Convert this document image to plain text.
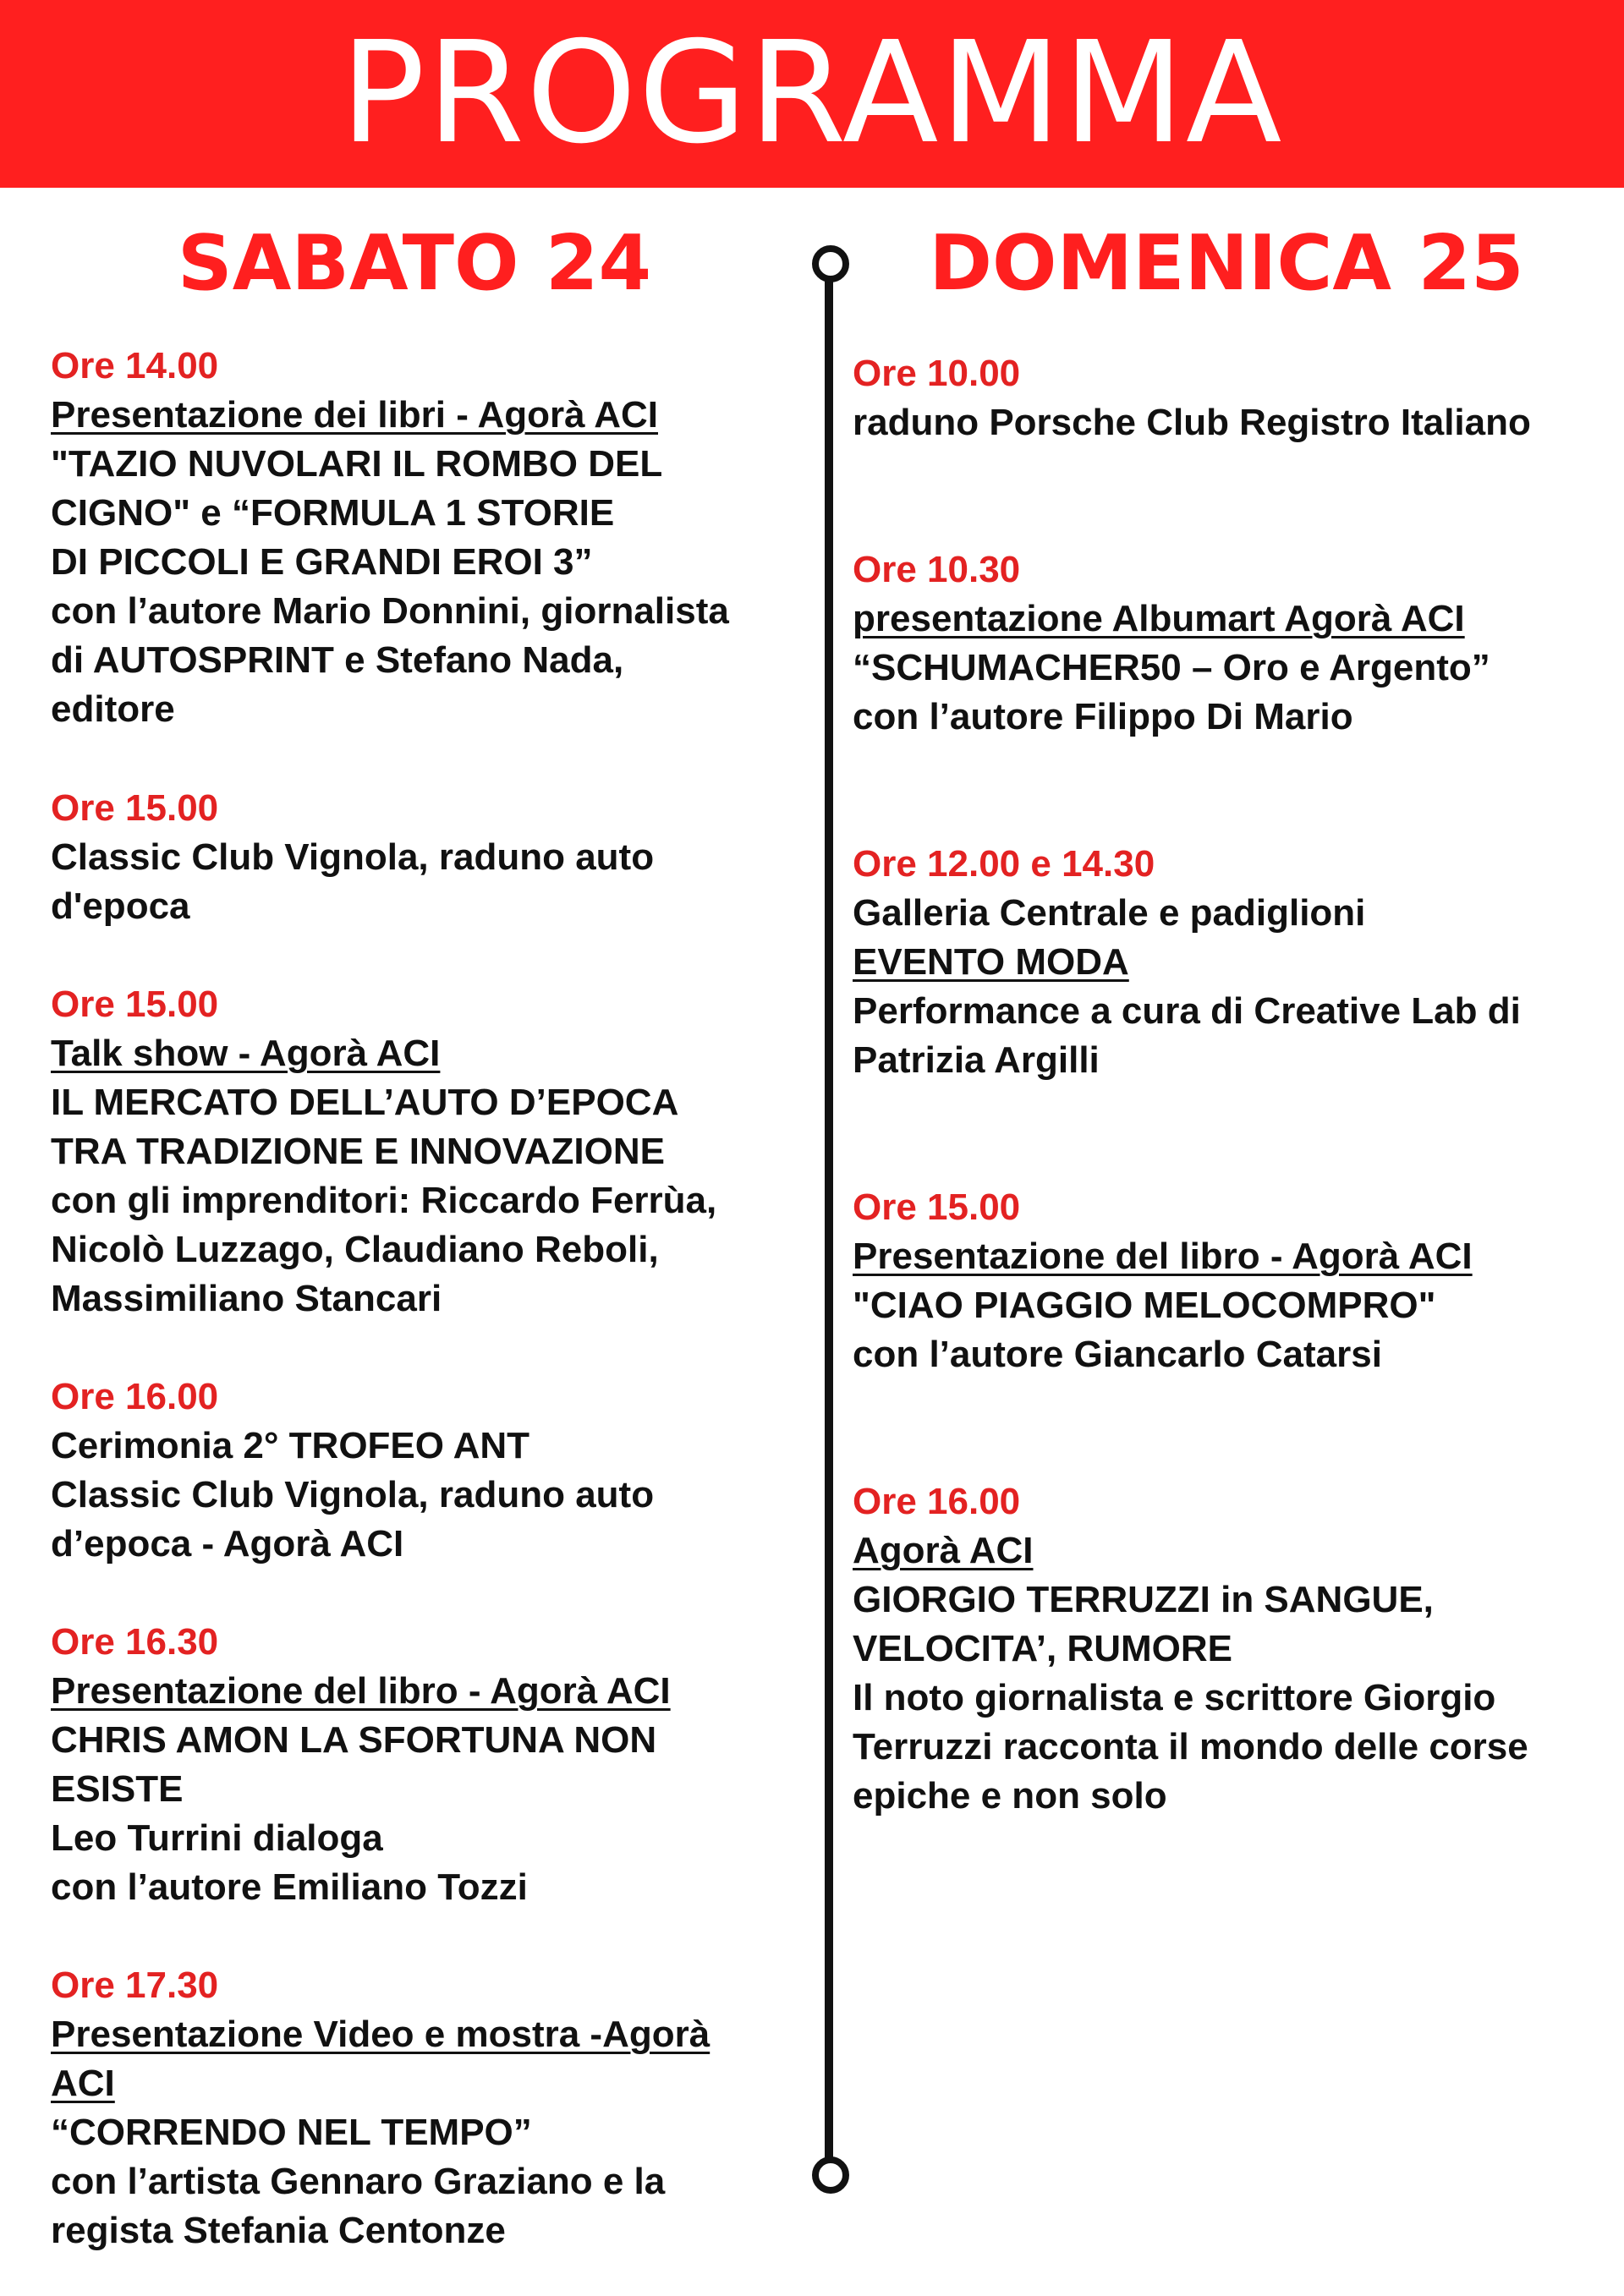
PROGRAMMA
SABATO 24	DOMENICA 25
Ore 14.00
Presentazione dei libri - Agorà ACI
"TAZIO NUVOLARI IL ROMBO DEL
CIGNO" e “FORMULA 1 STORIE
DI PICCOLI E GRANDI EROI 3”
con l’autore Mario Donnini, giornalista
di AUTOSPRINT e Stefano Nada,
editore
Ore 15.00
Classic Club Vignola, raduno auto
d'epoca
Ore 15.00
Talk show - Agorà ACI
IL MERCATO DELL’AUTO D’EPOCA
TRA TRADIZIONE E INNOVAZIONE
con gli imprenditori: Riccardo Ferrùa,
Nicolò Luzzago, Claudiano Reboli,
Massimiliano Stancari
Ore 16.00
Cerimonia 2° TROFEO ANT
Classic Club Vignola, raduno auto
d’epoca - Agorà ACI
Ore 16.30
Presentazione del libro - Agorà ACI
CHRIS AMON LA SFORTUNA NON
ESISTE
Leo Turrini dialoga
con l’autore Emiliano Tozzi
Ore 17.30
Presentazione Video e mostra -Agorà
ACI
“CORRENDO NEL TEMPO”
con l’artista Gennaro Graziano e la
regista Stefania Centonze
Ore 10.00
raduno Porsche Club Registro Italiano
Ore 10.30
presentazione Albumart Agorà ACI
“SCHUMACHER50 – Oro e Argento”
con l’autore Filippo Di Mario
Ore 12.00 e 14.30
Galleria Centrale e padiglioni
EVENTO MODA
Performance a cura di Creative Lab di
Patrizia Argilli
Ore 15.00
Presentazione del libro - Agorà ACI
"CIAO PIAGGIO MELOCOMPRO"
con l’autore Giancarlo Catarsi
Ore 16.00
Agorà ACI
GIORGIO TERRUZZI in SANGUE,
VELOCITA’, RUMORE
Il noto giornalista e scrittore Giorgio
Terruzzi racconta il mondo delle corse
epiche e non solo
